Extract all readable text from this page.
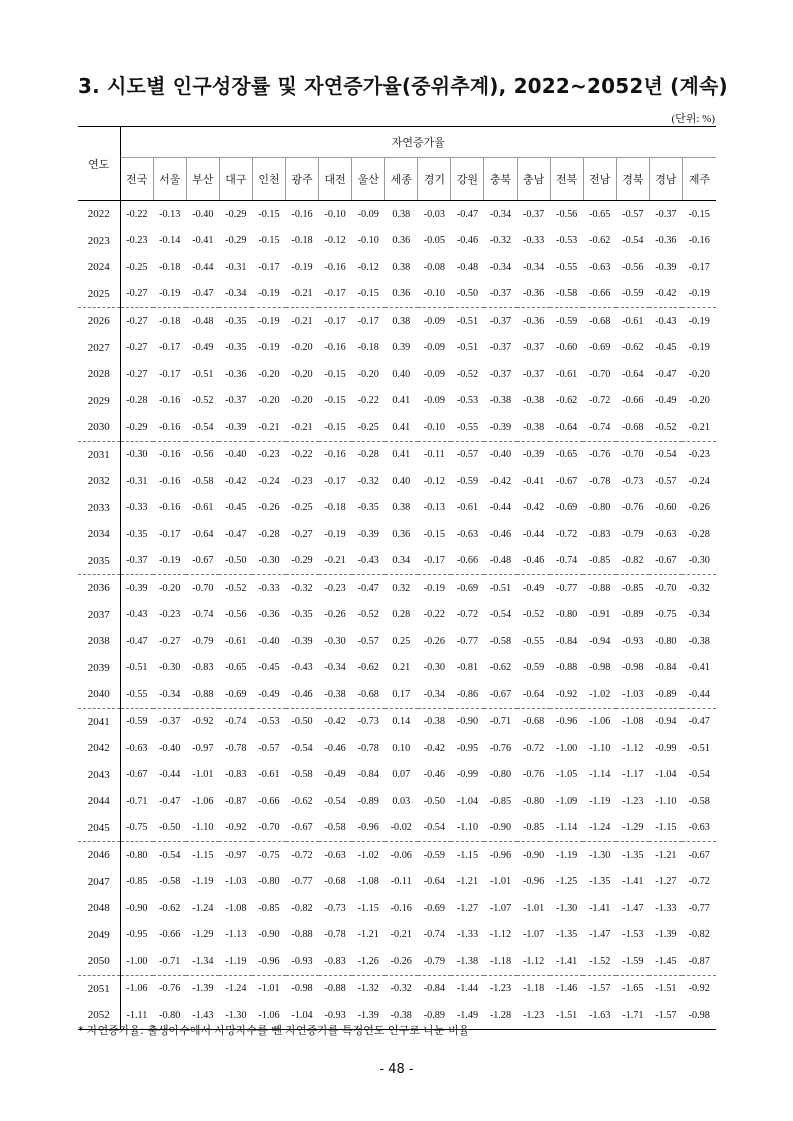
3. 시도별 인구성장률 및 자연증가율(중위추계), 2022~2052년 (계속)
(단위: %)
연도	자연증가율																	
	전국	서울	부산	대구	인천	광주	대전	울산	세종	경기	강원	충북	충남	전북	전남	경북	경남	제주
2022	-0.22	-0.13	-0.40	-0.29	-0.15	-0.16	-0.10	-0.09	0.38	-0.03	-0.47	-0.34	-0.37	-0.56	-0.65	-0.57	-0.37	-0.15
2023	-0.23	-0.14	-0.41	-0.29	-0.15	-0.18	-0.12	-0.10	0.36	-0.05	-0.46	-0.32	-0.33	-0.53	-0.62	-0.54	-0.36	-0.16
2024	-0.25	-0.18	-0.44	-0.31	-0.17	-0.19	-0.16	-0.12	0.38	-0.08	-0.48	-0.34	-0.34	-0.55	-0.63	-0.56	-0.39	-0.17
2025	-0.27	-0.19	-0.47	-0.34	-0.19	-0.21	-0.17	-0.15	0.36	-0.10	-0.50	-0.37	-0.36	-0.58	-0.66	-0.59	-0.42	-0.19
2026	-0.27	-0.18	-0.48	-0.35	-0.19	-0.21	-0.17	-0.17	0.38	-0.09	-0.51	-0.37	-0.36	-0.59	-0.68	-0.61	-0.43	-0.19
2027	-0.27	-0.17	-0.49	-0.35	-0.19	-0.20	-0.16	-0.18	0.39	-0.09	-0.51	-0.37	-0.37	-0.60	-0.69	-0.62	-0.45	-0.19
2028	-0.27	-0.17	-0.51	-0.36	-0.20	-0.20	-0.15	-0.20	0.40	-0.09	-0.52	-0.37	-0.37	-0.61	-0.70	-0.64	-0.47	-0.20
2029	-0.28	-0.16	-0.52	-0.37	-0.20	-0.20	-0.15	-0.22	0.41	-0.09	-0.53	-0.38	-0.38	-0.62	-0.72	-0.66	-0.49	-0.20
2030	-0.29	-0.16	-0.54	-0.39	-0.21	-0.21	-0.15	-0.25	0.41	-0.10	-0.55	-0.39	-0.38	-0.64	-0.74	-0.68	-0.52	-0.21
2031	-0.30	-0.16	-0.56	-0.40	-0.23	-0.22	-0.16	-0.28	0.41	-0.11	-0.57	-0.40	-0.39	-0.65	-0.76	-0.70	-0.54	-0.23
2032	-0.31	-0.16	-0.58	-0.42	-0.24	-0.23	-0.17	-0.32	0.40	-0.12	-0.59	-0.42	-0.41	-0.67	-0.78	-0.73	-0.57	-0.24
2033	-0.33	-0.16	-0.61	-0.45	-0.26	-0.25	-0.18	-0.35	0.38	-0.13	-0.61	-0.44	-0.42	-0.69	-0.80	-0.76	-0.60	-0.26
2034	-0.35	-0.17	-0.64	-0.47	-0.28	-0.27	-0.19	-0.39	0.36	-0.15	-0.63	-0.46	-0.44	-0.72	-0.83	-0.79	-0.63	-0.28
2035	-0.37	-0.19	-0.67	-0.50	-0.30	-0.29	-0.21	-0.43	0.34	-0.17	-0.66	-0.48	-0.46	-0.74	-0.85	-0.82	-0.67	-0.30
2036	-0.39	-0.20	-0.70	-0.52	-0.33	-0.32	-0.23	-0.47	0.32	-0.19	-0.69	-0.51	-0.49	-0.77	-0.88	-0.85	-0.70	-0.32
2037	-0.43	-0.23	-0.74	-0.56	-0.36	-0.35	-0.26	-0.52	0.28	-0.22	-0.72	-0.54	-0.52	-0.80	-0.91	-0.89	-0.75	-0.34
2038	-0.47	-0.27	-0.79	-0.61	-0.40	-0.39	-0.30	-0.57	0.25	-0.26	-0.77	-0.58	-0.55	-0.84	-0.94	-0.93	-0.80	-0.38
2039	-0.51	-0.30	-0.83	-0.65	-0.45	-0.43	-0.34	-0.62	0.21	-0.30	-0.81	-0.62	-0.59	-0.88	-0.98	-0.98	-0.84	-0.41
2040	-0.55	-0.34	-0.88	-0.69	-0.49	-0.46	-0.38	-0.68	0.17	-0.34	-0.86	-0.67	-0.64	-0.92	-1.02	-1.03	-0.89	-0.44
2041	-0.59	-0.37	-0.92	-0.74	-0.53	-0.50	-0.42	-0.73	0.14	-0.38	-0.90	-0.71	-0.68	-0.96	-1.06	-1.08	-0.94	-0.47
2042	-0.63	-0.40	-0.97	-0.78	-0.57	-0.54	-0.46	-0.78	0.10	-0.42	-0.95	-0.76	-0.72	-1.00	-1.10	-1.12	-0.99	-0.51
2043	-0.67	-0.44	-1.01	-0.83	-0.61	-0.58	-0.49	-0.84	0.07	-0.46	-0.99	-0.80	-0.76	-1.05	-1.14	-1.17	-1.04	-0.54
2044	-0.71	-0.47	-1.06	-0.87	-0.66	-0.62	-0.54	-0.89	0.03	-0.50	-1.04	-0.85	-0.80	-1.09	-1.19	-1.23	-1.10	-0.58
2045	-0.75	-0.50	-1.10	-0.92	-0.70	-0.67	-0.58	-0.96	-0.02	-0.54	-1.10	-0.90	-0.85	-1.14	-1.24	-1.29	-1.15	-0.63
2046	-0.80	-0.54	-1.15	-0.97	-0.75	-0.72	-0.63	-1.02	-0.06	-0.59	-1.15	-0.96	-0.90	-1.19	-1.30	-1.35	-1.21	-0.67
2047	-0.85	-0.58	-1.19	-1.03	-0.80	-0.77	-0.68	-1.08	-0.11	-0.64	-1.21	-1.01	-0.96	-1.25	-1.35	-1.41	-1.27	-0.72
2048	-0.90	-0.62	-1.24	-1.08	-0.85	-0.82	-0.73	-1.15	-0.16	-0.69	-1.27	-1.07	-1.01	-1.30	-1.41	-1.47	-1.33	-0.77
2049	-0.95	-0.66	-1.29	-1.13	-0.90	-0.88	-0.78	-1.21	-0.21	-0.74	-1.33	-1.12	-1.07	-1.35	-1.47	-1.53	-1.39	-0.82
2050	-1.00	-0.71	-1.34	-1.19	-0.96	-0.93	-0.83	-1.26	-0.26	-0.79	-1.38	-1.18	-1.12	-1.41	-1.52	-1.59	-1.45	-0.87
2051	-1.06	-0.76	-1.39	-1.24	-1.01	-0.98	-0.88	-1.32	-0.32	-0.84	-1.44	-1.23	-1.18	-1.46	-1.57	-1.65	-1.51	-0.92
2052	-1.11	-0.80	-1.43	-1.30	-1.06	-1.04	-0.93	-1.39	-0.38	-0.89	-1.49	-1.28	-1.23	-1.51	-1.63	-1.71	-1.57	-0.98
* 자연증가율: 출생아수에서 사망자수를 뺀 자연증가를 특정연도 인구로 나눈 비율
- 48 -
